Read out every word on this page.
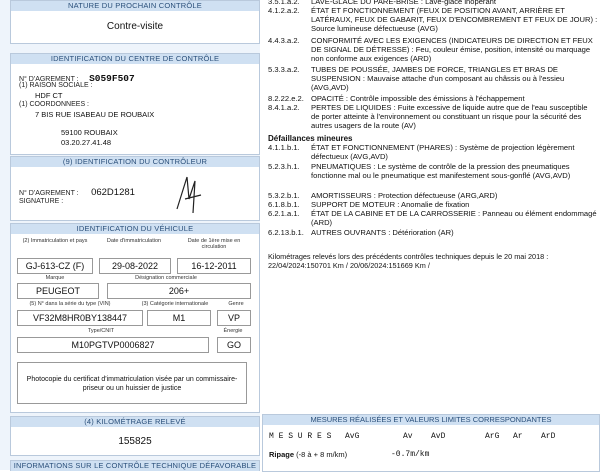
NATURE DU PROCHAIN CONTRÔLE
Contre-visite
IDENTIFICATION DU CENTRE DE CONTRÔLE
N° D'AGREMENT : S059F507
(1) RAISON SOCIALE :
HDF CT
(1) COORDONNEES :
7 BIS RUE ISABEAU DE ROUBAIX
59100 ROUBAIX
03.20.27.41.48
(9) IDENTIFICATION DU CONTRÔLEUR
N° D'AGREMENT : 062D1281
SIGNATURE :
IDENTIFICATION DU VÉHICULE
(2) Immatriculation et pays	Date d'immatriculation	Date de 1ère mise en circulation
GJ-613-CZ (F)	29-08-2022	16-12-2011
Marque	Désignation commerciale
PEUGEOT	206+
(5) N° dans la série du type (VIN)	(3) Catégorie internationale	Genre
VF32M8HR0BY138447	M1	VP
Type/CNIT	Énergie
M10PGTVP0006827	GO
Photocopie du certificat d'immatriculation visée par un commissaire-priseur ou un huissier de justice
(4) KILOMÉTRAGE RELEVÉ
155825
INFORMATIONS SUR LE CONTRÔLE TECHNIQUE DÉFAVORABLE
3.5.1.a.2. LAVE-GLACE DU PARE-BRISE : Lave-glace inopérant
4.1.2.a.2. ÉTAT ET FONCTIONNEMENT (FEUX DE POSITION AVANT, ARRIÈRE ET LATÉRAUX, FEUX DE GABARIT, FEUX D'ENCOMBREMENT ET FEUX DE JOUR) : Source lumineuse défectueuse (AVG)
4.4.3.a.2. CONFORMITÉ AVEC LES EXIGENCES (INDICATEURS DE DIRECTION ET FEUX DE SIGNAL DE DÉTRESSE) : Feu, couleur émise, position, intensité ou marquage non conforme aux exigences (ARD)
5.3.3.a.2. TUBES DE POUSSÉE, JAMBES DE FORCE, TRIANGLES ET BRAS DE SUSPENSION : Mauvaise attache d'un composant au châssis ou à l'essieu (AVG,AVD)
8.2.22.e.2. OPACITÉ : Contrôle impossible des émissions à l'échappement
8.4.1.a.2. PERTES DE LIQUIDES : Fuite excessive de liquide autre que de l'eau susceptible de porter atteinte à l'environnement ou constituant un risque pour la sécurité des autres usagers de la route (AV)
Défaillances mineures
4.1.1.b.1. ÉTAT ET FONCTIONNEMENT (PHARES) : Système de projection légèrement défectueux (AVG,AVD)
5.2.3.h.1. PNEUMATIQUES : Le système de contrôle de la pression des pneumatiques fonctionne mal ou le pneumatique est manifestement sous-gonflé (AVG,AVD)
5.3.2.b.1. AMORTISSEURS : Protection défectueuse (ARG,ARD)
6.1.8.b.1. SUPPORT DE MOTEUR : Anomalie de fixation
6.2.1.a.1. ÉTAT DE LA CABINE ET DE LA CARROSSERIE : Panneau ou élément endommagé (ARD)
6.2.13.b.1. AUTRES OUVRANTS : Détérioration (AR)
Kilométrages relevés lors des précédents contrôles techniques depuis le 20 mai 2018 : 22/04/2024:150701 Km / 20/06/2024:151669 Km /
MESURES RÉALISÉES ET VALEURS LIMITES CORRESPONDANTES
M E S U R E S AvG	Av AvD	ArG Ar ArD
Ripage (-8 à + 8 m/km)	-0.7m/km
